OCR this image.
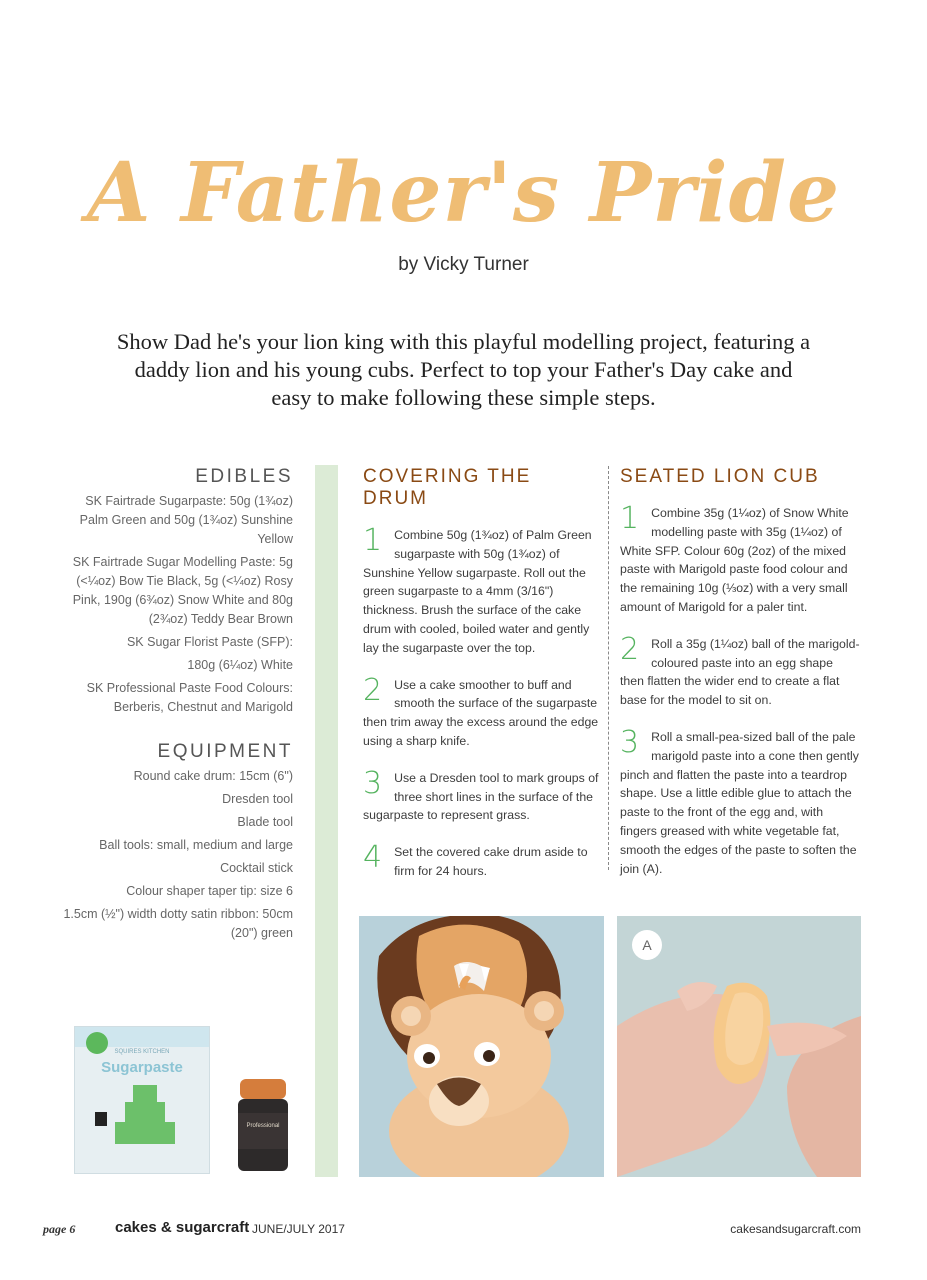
A Father's Pride
by Vicky Turner
Show Dad he's your lion king with this playful modelling project, featuring a daddy lion and his young cubs. Perfect to top your Father's Day cake and easy to make following these simple steps.
EDIBLES
SK Fairtrade Sugarpaste: 50g (1¾oz) Palm Green and 50g (1¾oz) Sunshine Yellow
SK Fairtrade Sugar Modelling Paste: 5g (<¼oz) Bow Tie Black, 5g (<¼oz) Rosy Pink, 190g (6¾oz) Snow White and 80g (2¾oz) Teddy Bear Brown
SK Sugar Florist Paste (SFP):
180g (6¼oz) White
SK Professional Paste Food Colours: Berberis, Chestnut and Marigold
EQUIPMENT
Round cake drum: 15cm (6")
Dresden tool
Blade tool
Ball tools: small, medium and large
Cocktail stick
Colour shaper taper tip: size 6
1.5cm (½") width dotty satin ribbon: 50cm (20") green
COVERING THE DRUM
1 Combine 50g (1¾oz) of Palm Green sugarpaste with 50g (1¾oz) of Sunshine Yellow sugarpaste. Roll out the green sugarpaste to a 4mm (3/16") thickness. Brush the surface of the cake drum with cooled, boiled water and gently lay the sugarpaste over the top.
2 Use a cake smoother to buff and smooth the surface of the sugarpaste then trim away the excess around the edge using a sharp knife.
3 Use a Dresden tool to mark groups of three short lines in the surface of the sugarpaste to represent grass.
4 Set the covered cake drum aside to firm for 24 hours.
SEATED LION CUB
1 Combine 35g (1¼oz) of Snow White modelling paste with 35g (1¼oz) of White SFP. Colour 60g (2oz) of the mixed paste with Marigold paste food colour and the remaining 10g (⅓oz) with a very small amount of Marigold for a paler tint.
2 Roll a 35g (1¼oz) ball of the marigold-coloured paste into an egg shape then flatten the wider end to create a flat base for the model to sit on.
3 Roll a small-pea-sized ball of the pale marigold paste into a cone then gently pinch and flatten the paste into a teardrop shape. Use a little edible glue to attach the paste to the front of the egg and, with fingers greased with white vegetable fat, smooth the edges of the paste to soften the join (A).
A
SQUIRES KITCHEN
Sugarpaste
Professional
page 6	cakes & sugarcraft JUNE/JULY 2017	cakesandsugarcraft.com
